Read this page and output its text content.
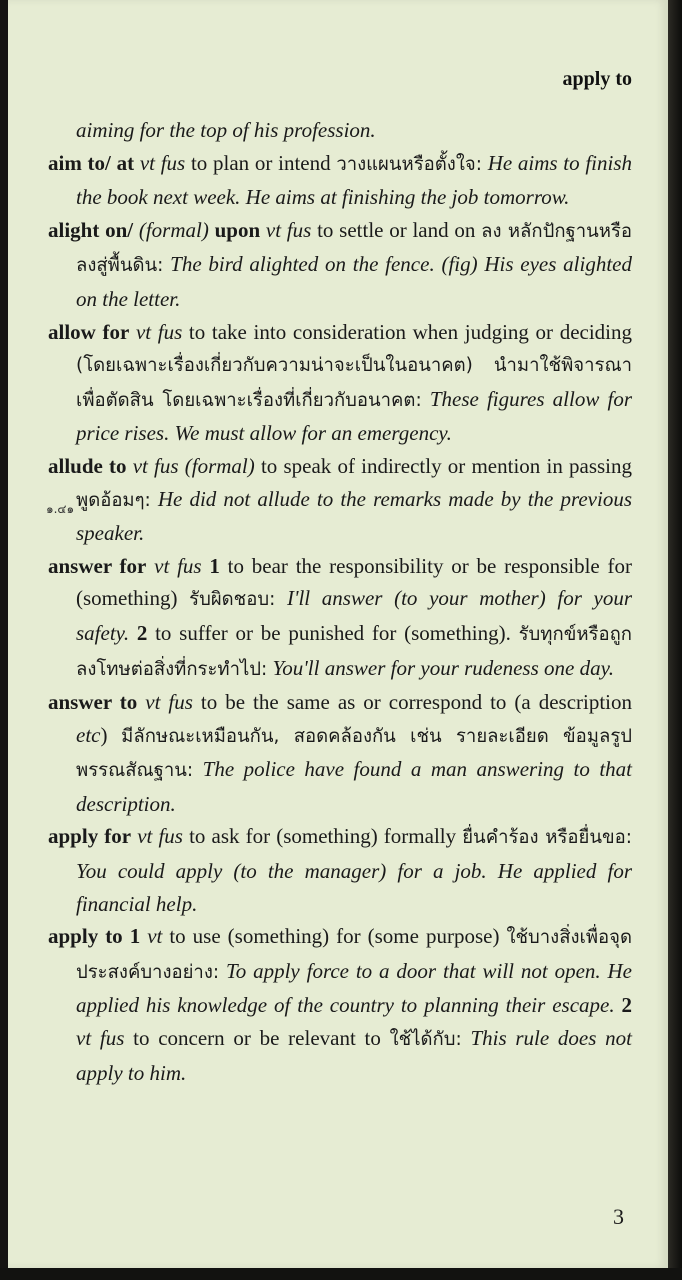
apply to
๑.๔๑

aiming for the top of his profession.

aim to/ at vt fus to plan or intend วางแผนหรือตั้งใจ: He aims to finish the book next week. He aims at finishing the job tomorrow.

alight on/ (formal) upon vt fus to settle or land on ลง หลักปักฐานหรือลงสู่พื้นดิน: The bird alighted on the fence. (fig) His eyes alighted on the letter.

allow for vt fus to take into consideration when judging or deciding (โดยเฉพาะเรื่องเกี่ยวกับความน่าจะเป็นในอนาคต) นำมาใช้พิจารณาเพื่อตัดสิน โดยเฉพาะเรื่องที่เกี่ยวกับอนาคต: These figures allow for price rises. We must allow for an emergency.

allude to vt fus (formal) to speak of indirectly or mention in passing พูดอ้อมๆ: He did not allude to the remarks made by the previous speaker.

answer for vt fus 1 to bear the responsibility or be responsible for (something) รับผิดชอบ: I'll answer (to your mother) for your safety. 2 to suffer or be punished for (something). รับทุกข์หรือถูกลงโทษต่อสิ่งที่กระทำไป: You'll answer for your rudeness one day.

answer to vt fus to be the same as or correspond to (a description etc) มีลักษณะเหมือนกัน, สอดคล้องกัน เช่น รายละเอียด ข้อมูลรูปพรรณสัณฐาน: The police have found a man answering to that description.

apply for vt fus to ask for (something) formally ยื่นคำร้อง หรือยื่นขอ: You could apply (to the manager) for a job. He applied for financial help.

apply to 1 vt to use (something) for (some purpose) ใช้บางสิ่งเพื่อจุดประสงค์บางอย่าง: To apply force to a door that will not open. He applied his knowledge of the country to planning their escape. 2 vt fus to concern or be relevant to ใช้ได้กับ: This rule does not apply to him.

3
